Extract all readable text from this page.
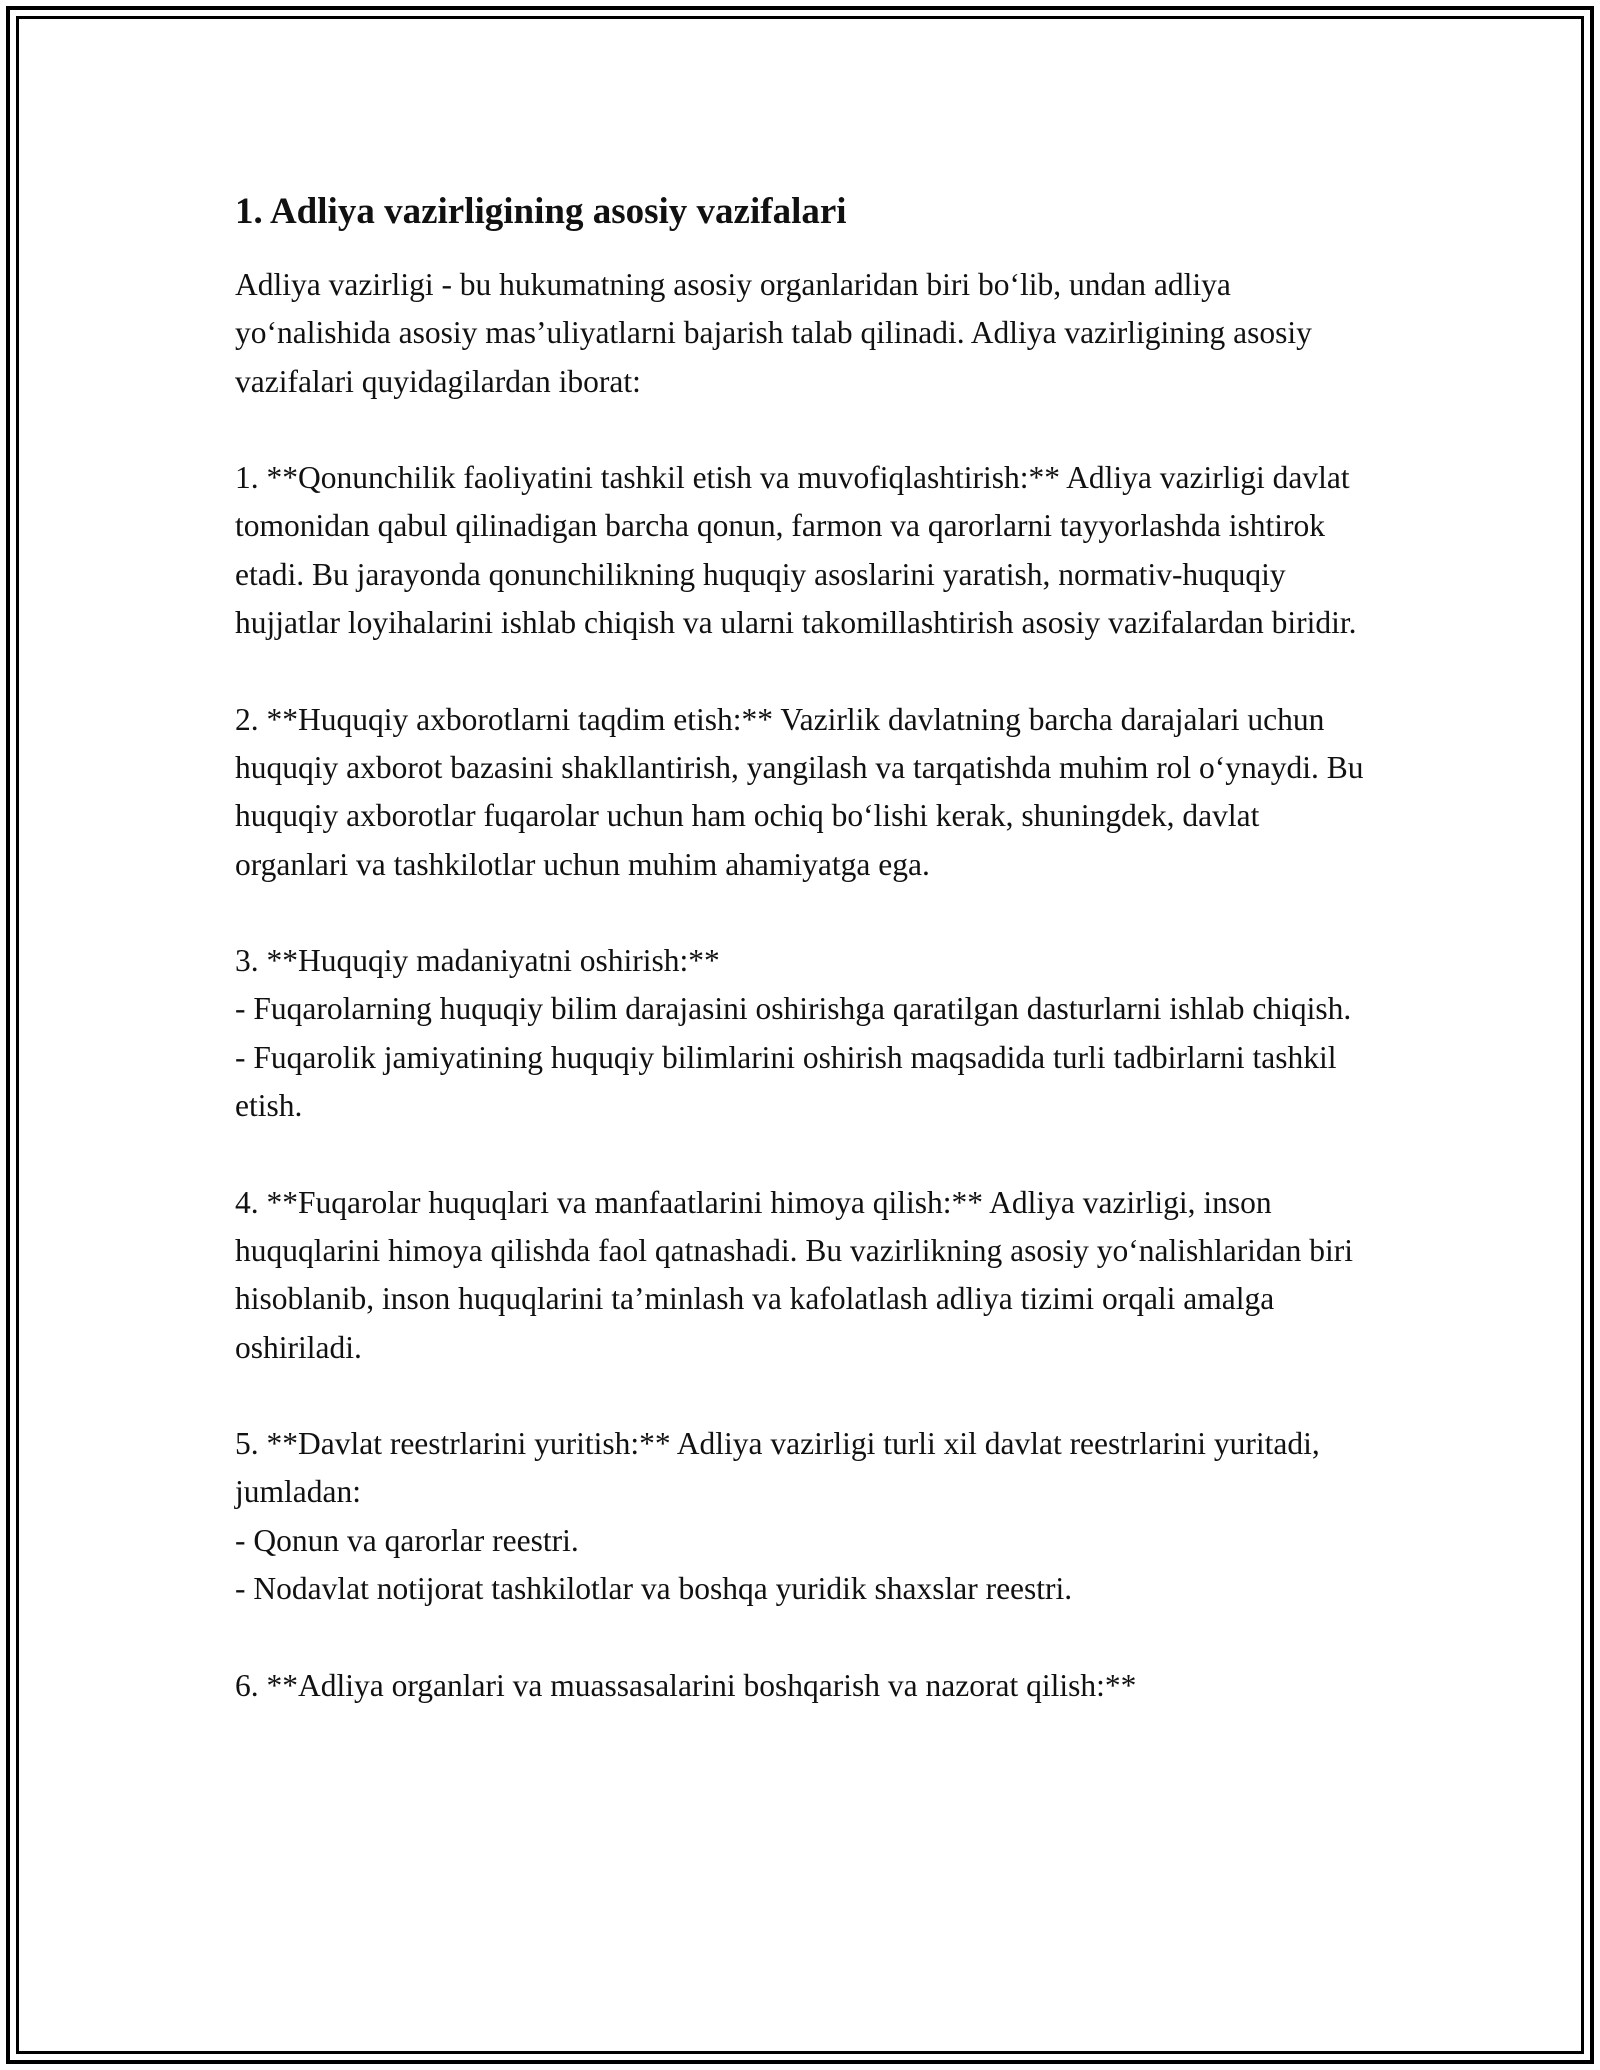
1. Adliya vazirligining asosiy vazifalari

Adliya vazirligi - bu hukumatning asosiy organlaridan biri bo‘lib, undan adliya yo‘nalishida asosiy mas’uliyatlarni bajarish talab qilinadi. Adliya vazirligining asosiy vazifalari quyidagilardan iborat:

1. **Qonunchilik faoliyatini tashkil etish va muvofiqlashtirish:** Adliya vazirligi davlat tomonidan qabul qilinadigan barcha qonun, farmon va qarorlarni tayyorlashda ishtirok etadi. Bu jarayonda qonunchilikning huquqiy asoslarini yaratish, normativ-huquqiy hujjatlar loyihalarini ishlab chiqish va ularni takomillashtirish asosiy vazifalardan biridir.

2. **Huquqiy axborotlarni taqdim etish:** Vazirlik davlatning barcha darajalari uchun huquqiy axborot bazasini shakllantirish, yangilash va tarqatishda muhim rol o‘ynaydi. Bu huquqiy axborotlar fuqarolar uchun ham ochiq bo‘lishi kerak, shuningdek, davlat organlari va tashkilotlar uchun muhim ahamiyatga ega.

3. **Huquqiy madaniyatni oshirish:**
- Fuqarolarning huquqiy bilim darajasini oshirishga qaratilgan dasturlarni ishlab chiqish.
- Fuqarolik jamiyatining huquqiy bilimlarini oshirish maqsadida turli tadbirlarni tashkil etish.

4. **Fuqarolar huquqlari va manfaatlarini himoya qilish:** Adliya vazirligi, inson huquqlarini himoya qilishda faol qatnashadi. Bu vazirlikning asosiy yo‘nalishlaridan biri hisoblanib, inson huquqlarini ta’minlash va kafolatlash adliya tizimi orqali amalga oshiriladi.

5. **Davlat reestrlarini yuritish:** Adliya vazirligi turli xil davlat reestrlarini yuritadi, jumladan:
- Qonun va qarorlar reestri.
- Nodavlat notijorat tashkilotlar va boshqa yuridik shaxslar reestri.

6. **Adliya organlari va muassasalarini boshqarish va nazorat qilish:**
